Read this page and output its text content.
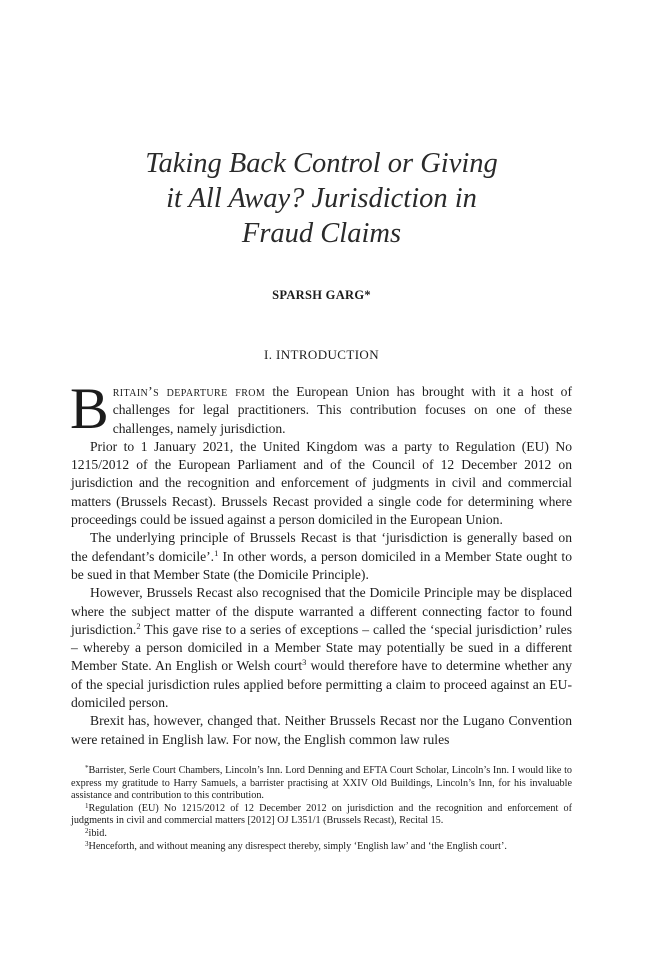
Taking Back Control or Giving
it All Away? Jurisdiction in
Fraud Claims
SPARSH GARG*
I. INTRODUCTION

Britain’s departure from the European Union has brought with it a host of challenges for legal practitioners. This contribution focuses on one of these challenges, namely jurisdiction.

Prior to 1 January 2021, the United Kingdom was a party to Regulation (EU) No 1215/2012 of the European Parliament and of the Council of 12 December 2012 on jurisdiction and the recognition and enforcement of judgments in civil and commercial matters (Brussels Recast). Brussels Recast provided a single code for determining where proceedings could be issued against a person domiciled in the European Union.

The underlying principle of Brussels Recast is that ‘jurisdiction is generally based on the defendant’s domicile’.$^1$ In other words, a person domiciled in a Member State ought to be sued in that Member State (the Domicile Principle).

However, Brussels Recast also recognised that the Domicile Principle may be displaced where the subject matter of the dispute warranted a different connecting factor to found jurisdiction.$^2$ This gave rise to a series of exceptions – called the ‘special jurisdiction’ rules – whereby a person domiciled in a Member State may potentially be sued in a different Member State. An English or Welsh court$^3$ would therefore have to determine whether any of the special jurisdiction rules applied before permitting a claim to proceed against an EU-domiciled person.

Brexit has, however, changed that. Neither Brussels Recast nor the Lugano Convention were retained in English law. For now, the English common law rules

*Barrister, Serle Court Chambers, Lincoln’s Inn. Lord Denning and EFTA Court Scholar, Lincoln’s Inn. I would like to express my gratitude to Harry Samuels, a barrister practising at XXIV Old Buildings, Lincoln’s Inn, for his invaluable assistance and contribution to this contribution.

$^1$Regulation (EU) No 1215/2012 of 12 December 2012 on jurisdiction and the recognition and enforcement of judgments in civil and commercial matters [2012] OJ L351/1 (Brussels Recast), Recital 15.

$^2$ibid.

$^3$Henceforth, and without meaning any disrespect thereby, simply ‘English law’ and ‘the English court’.
